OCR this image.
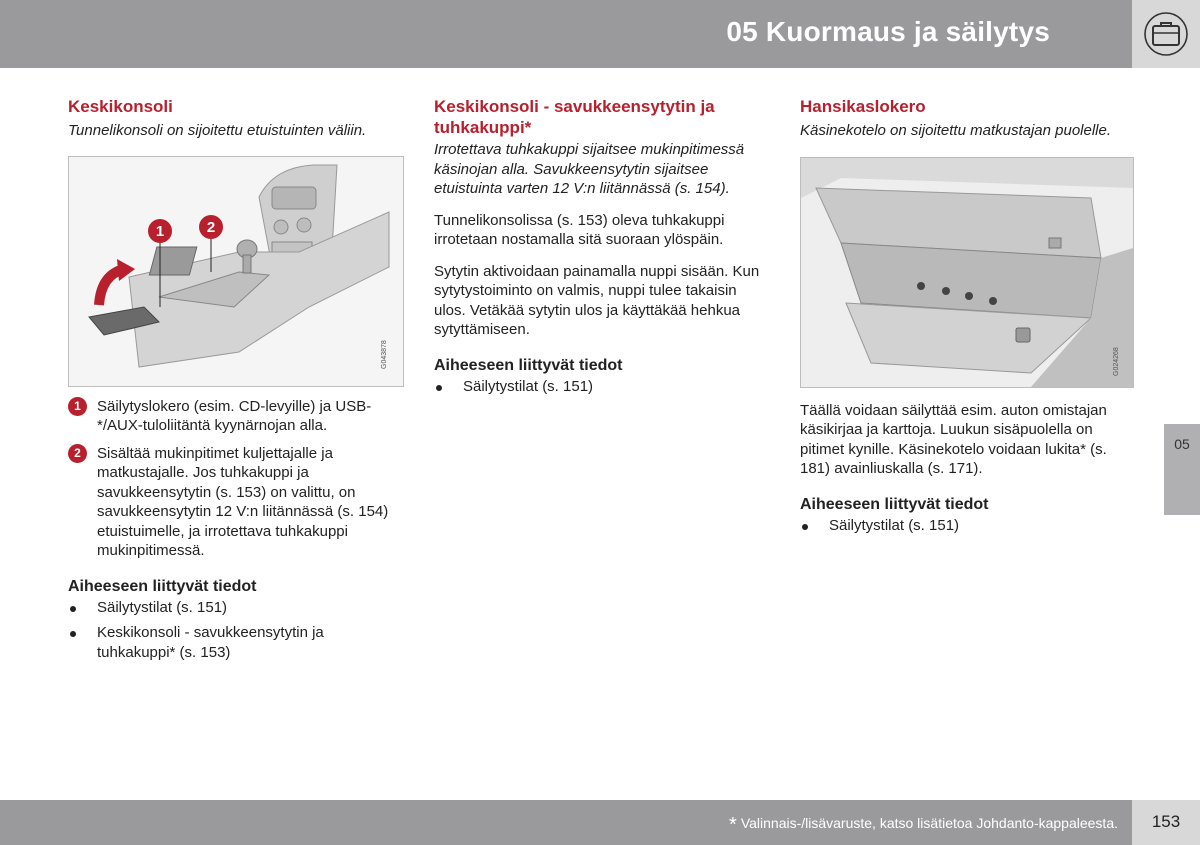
05 Kuormaus ja säilytys
Keskikonsoli
Tunnelikonsoli on sijoitettu etuistuinten väliin.
1	2
G043878
1	Säilytyslokero (esim. CD-levyille) ja USB-*/AUX-tuloliitäntä kyynärnojan alla.
2	Sisältää mukinpitimet kuljettajalle ja matkustajalle. Jos tuhkakuppi ja savukkeensytytin (s. 153) on valittu, on savukkeensytytin 12 V:n liitännässä (s. 154) etuistuimelle, ja irrotettava tuhkakuppi mukinpitimessä.
Aiheeseen liittyvät tiedot
Säilytystilat (s. 151)
Keskikonsoli - savukkeensytytin ja tuhkakuppi* (s. 153)
Keskikonsoli - savukkeensytytin ja tuhkakuppi*
Irrotettava tuhkakuppi sijaitsee mukinpitimessä käsinojan alla. Savukkeensytytin sijaitsee etuistuinta varten 12 V:n liitännässä (s. 154).
Tunnelikonsolissa (s. 153) oleva tuhkakuppi irrotetaan nostamalla sitä suoraan ylöspäin.
Sytytin aktivoidaan painamalla nuppi sisään. Kun sytytystoiminto on valmis, nuppi tulee takaisin ulos. Vetäkää sytytin ulos ja käyttäkää hehkua sytyttämiseen.
Aiheeseen liittyvät tiedot
Säilytystilat (s. 151)
Hansikaslokero
Käsinekotelo on sijoitettu matkustajan puolelle.
G024268
Täällä voidaan säilyttää esim. auton omistajan käsikirjaa ja karttoja. Luukun sisäpuolella on pitimet kynille. Käsinekotelo voidaan lukita* (s. 181) avainliuskalla (s. 171).
Aiheeseen liittyvät tiedot
Säilytystilat (s. 151)
05
* Valinnais-/lisävaruste, katso lisätietoa Johdanto-kappaleesta.	153
